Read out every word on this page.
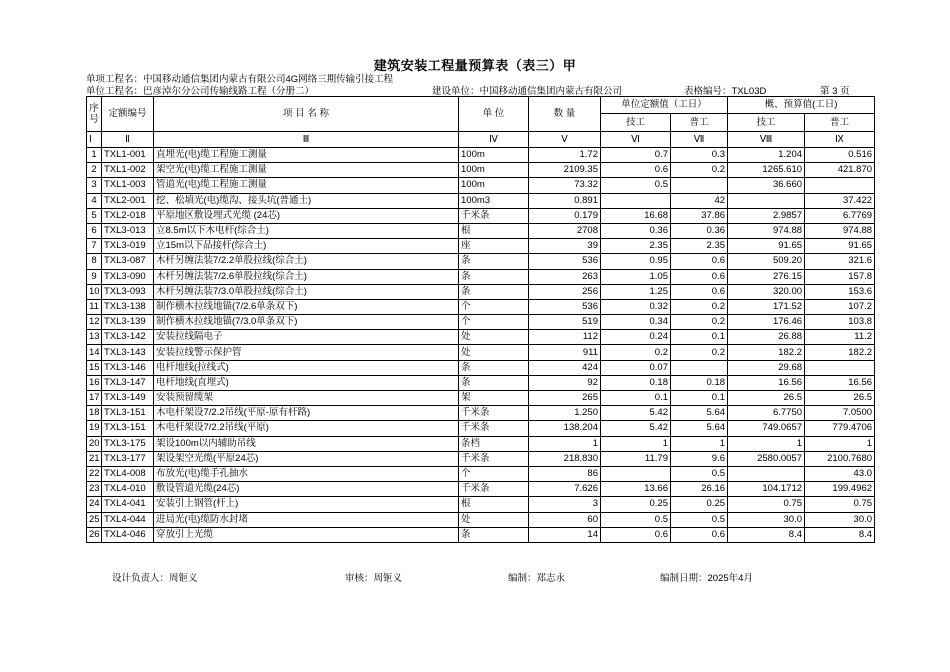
建筑安装工程量预算表（表三）甲
单项工程名：中国移动通信集团内蒙古有限公司4G网络三期传输引接工程
单位工程名：巴彦淖尔分公司传输线路工程（分册二）	建设单位：中国移动通信集团内蒙古有限公司	表格编号：TXL03D	第 3 页
序号	定额编号	项 目 名 称	单 位	数 量	单位定额值（工日）		概、预算值(工日)	
					技工	普工	技工	普工
Ⅰ	Ⅱ	Ⅲ	Ⅳ	Ⅴ	Ⅵ	Ⅶ	Ⅷ	Ⅸ
1	TXL1-001	直埋光(电)缆工程施工测量	100m	1.72	0.7	0.3	1.204	0.516
2	TXL1-002	架空光(电)缆工程施工测量	100m	2109.35	0.6	0.2	1265.610	421.870
3	TXL1-003	管道光(电)缆工程施工测量	100m	73.32	0.5		36.660	
4	TXL2-001	挖、松填光(电)缆沟、接头坑(普通土)	100m3	0.891		42		37.422
5	TXL2-018	平原地区敷设埋式光缆 (24芯)	千米条	0.179	16.68	37.86	2.9857	6.7769
6	TXL3-013	立8.5m以下木电杆(综合土)	根	2708	0.36	0.36	974.88	974.88
7	TXL3-019	立15m以下品接杆(综合土)	座	39	2.35	2.35	91.65	91.65
8	TXL3-087	木杆另缠法装7/2.2单股拉线(综合土)	条	536	0.95	0.6	509.20	321.6
9	TXL3-090	木杆另缠法装7/2.6单股拉线(综合土)	条	263	1.05	0.6	276.15	157.8
10	TXL3-093	木杆另缠法装7/3.0单股拉线(综合土)	条	256	1.25	0.6	320.00	153.6
11	TXL3-138	制作横木拉线地锚(7/2.6单条双下)	个	536	0.32	0.2	171.52	107.2
12	TXL3-139	制作横木拉线地锚(7/3.0单条双下)	个	519	0.34	0.2	176.46	103.8
13	TXL3-142	安装拉线隔电子	处	112	0.24	0.1	26.88	11.2
14	TXL3-143	安装拉线警示保护管	处	911	0.2	0.2	182.2	182.2
15	TXL3-146	电杆地线(拉线式)	条	424	0.07		29.68	
16	TXL3-147	电杆地线(直埋式)	条	92	0.18	0.18	16.56	16.56
17	TXL3-149	安装预留缆架	架	265	0.1	0.1	26.5	26.5
18	TXL3-151	木电杆架设7/2.2吊线(平原-原有杆路)	千米条	1.250	5.42	5.64	6.7750	7.0500
19	TXL3-151	木电杆架设7/2.2吊线(平原)	千米条	138.204	5.42	5.64	749.0657	779.4706
20	TXL3-175	架设100m以内辅助吊线	条档	1	1	1	1	1
21	TXL3-177	架设架空光缆(平原24芯)	千米条	218.830	11.79	9.6	2580.0057	2100.7680
22	TXL4-008	布放光(电)缆手孔抽水	个	86		0.5		43.0
23	TXL4-010	敷设管道光缆(24芯)	千米条	7.626	13.66	26.16	104.1712	199.4962
24	TXL4-041	安装引上钢管(杆上)	根	3	0.25	0.25	0.75	0.75
25	TXL4-044	进局光(电)缆防水封堵	处	60	0.5	0.5	30.0	30.0
26	TXL4-046	穿放引上光缆	条	14	0.6	0.6	8.4	8.4
设计负责人：周钷义	审核：周钷义	编制：郑志永	编制日期：2025年4月
